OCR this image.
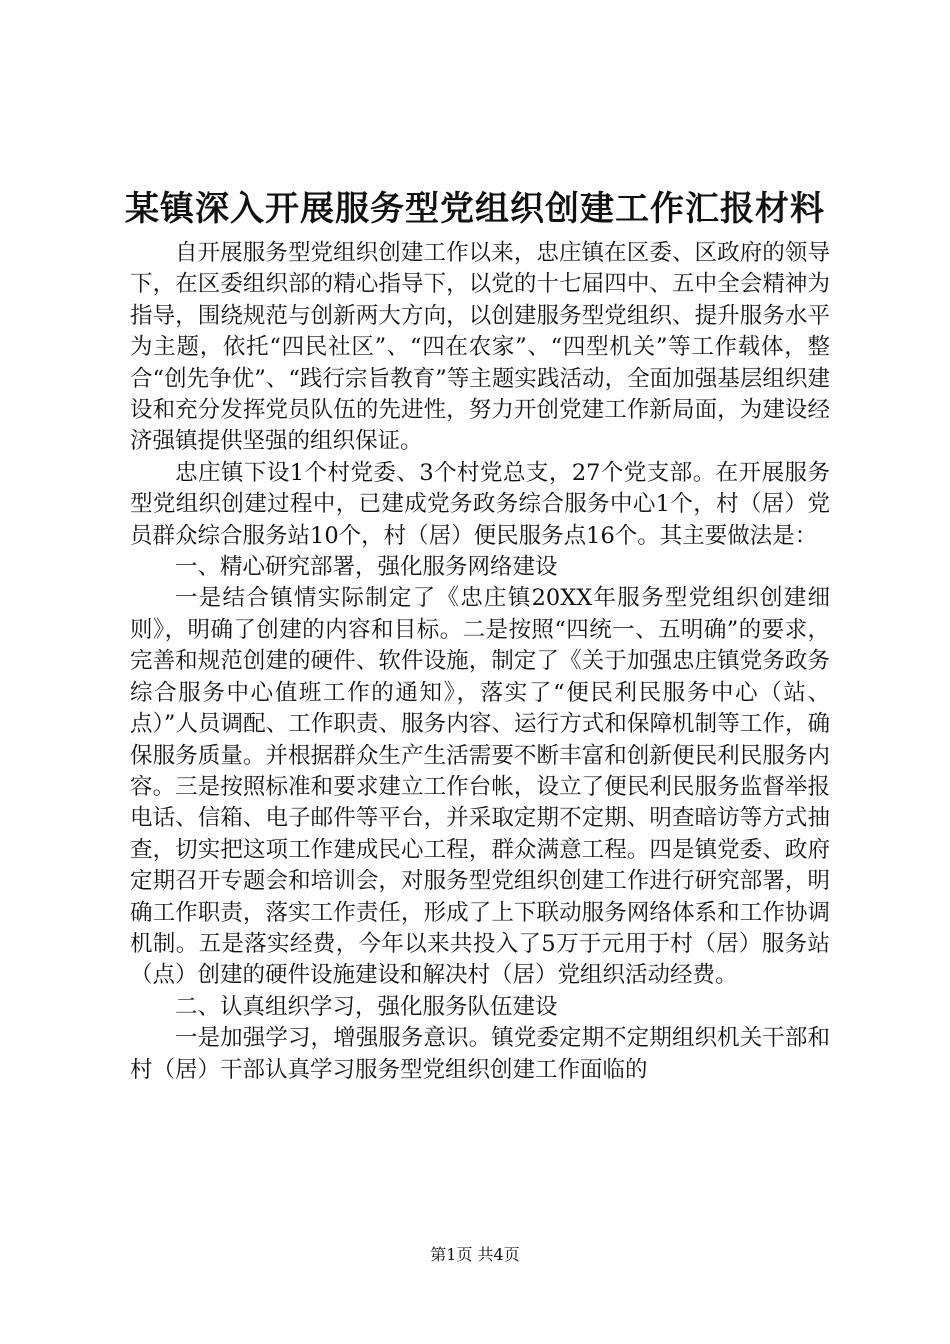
某镇深入开展服务型党组织创建工作汇报材料

自开展服务型党组织创建工作以来，忠庄镇在区委、区政府的领导下，在区委组织部的精心指导下，以党的十七届四中、五中全会精神为指导，围绕规范与创新两大方向，以创建服务型党组织、提升服务水平为主题，依托“四民社区”、“四在农家”、“四型机关”等工作载体，整合“创先争优”、“践行宗旨教育”等主题实践活动，全面加强基层组织建设和充分发挥党员队伍的先进性，努力开创党建工作新局面，为建设经济强镇提供坚强的组织保证。

忠庄镇下设1个村党委、3个村党总支，27个党支部。在开展服务型党组织创建过程中，已建成党务政务综合服务中心1个，村（居）党员群众综合服务站10个，村（居）便民服务点16个。其主要做法是：

一、精心研究部署，强化服务网络建设

一是结合镇情实际制定了《忠庄镇20XX年服务型党组织创建细则》，明确了创建的内容和目标。二是按照“四统一、五明确”的要求，完善和规范创建的硬件、软件设施，制定了《关于加强忠庄镇党务政务综合服务中心值班工作的通知》，落实了“便民利民服务中心（站、点）”人员调配、工作职责、服务内容、运行方式和保障机制等工作，确保服务质量。并根据群众生产生活需要不断丰富和创新便民利民服务内容。三是按照标准和要求建立工作台帐，设立了便民利民服务监督举报电话、信箱、电子邮件等平台，并采取定期不定期、明查暗访等方式抽查，切实把这项工作建成民心工程，群众满意工程。四是镇党委、政府定期召开专题会和培训会，对服务型党组织创建工作进行研究部署，明确工作职责，落实工作责任，形成了上下联动服务网络体系和工作协调机制。五是落实经费，今年以来共投入了5万于元用于村（居）服务站（点）创建的硬件设施建设和解决村（居）党组织活动经费。

二、认真组织学习，强化服务队伍建设

一是加强学习，增强服务意识。镇党委定期不定期组织机关干部和村（居）干部认真学习服务型党组织创建工作面临的

第1页 共4页
